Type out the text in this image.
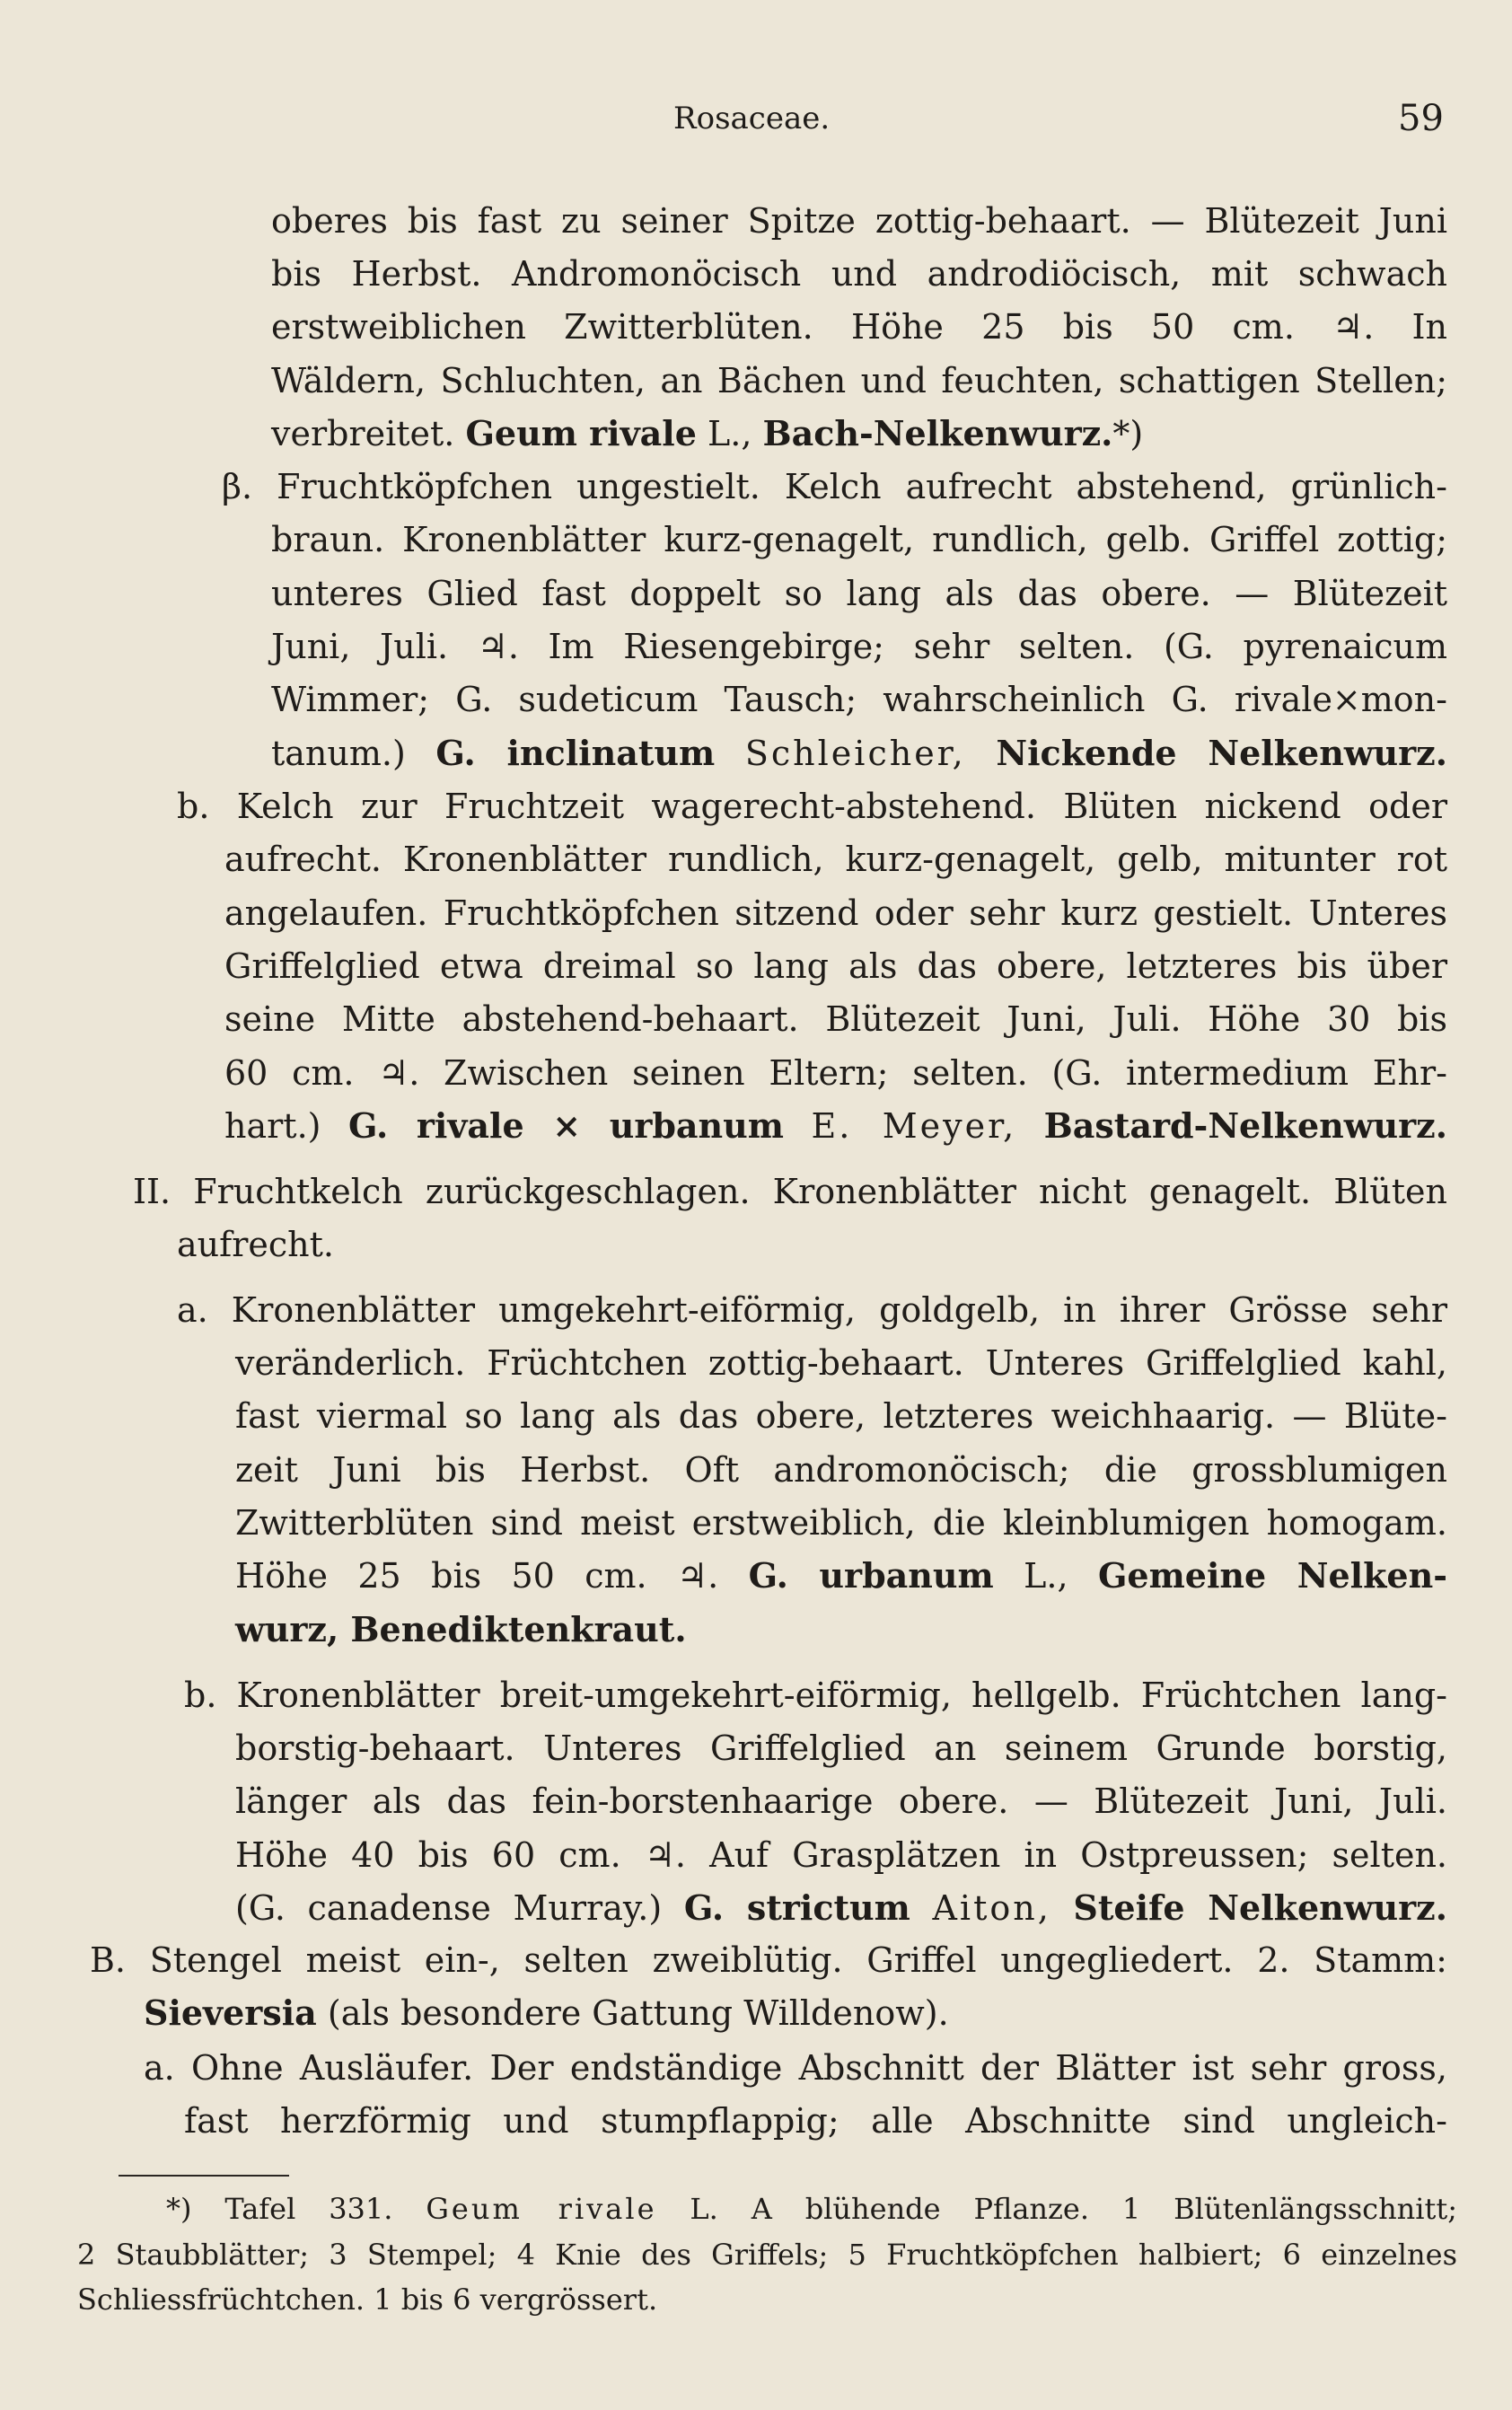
Rosaceae.	59
oberes bis fast zu seiner Spitze zottig-behaart. — Blütezeit Juni
bis Herbst. Andromonöcisch und androdiöcisch, mit schwach
erstweiblichen Zwitterblüten. Höhe 25 bis 50 cm. ♃. In
Wäldern, Schluchten, an Bächen und feuchten, schattigen Stellen;
verbreitet. Geum rivale L., Bach-Nelkenwurz.*)
β. Fruchtköpfchen ungestielt. Kelch aufrecht abstehend, grünlich-
braun. Kronenblätter kurz-genagelt, rundlich, gelb. Griffel zottig;
unteres Glied fast doppelt so lang als das obere. — Blütezeit
Juni, Juli. ♃. Im Riesengebirge; sehr selten. (G. pyrenaicum
Wimmer; G. sudeticum Tausch; wahrscheinlich G. rivale×mon-
tanum.) G. inclinatum Schleicher, Nickende Nelkenwurz.
b. Kelch zur Fruchtzeit wagerecht-abstehend. Blüten nickend oder
aufrecht. Kronenblätter rundlich, kurz-genagelt, gelb, mitunter rot
angelaufen. Fruchtköpfchen sitzend oder sehr kurz gestielt. Unteres
Griffelglied etwa dreimal so lang als das obere, letzteres bis über
seine Mitte abstehend-behaart. Blütezeit Juni, Juli. Höhe 30 bis
60 cm. ♃. Zwischen seinen Eltern; selten. (G. intermedium Ehr-
hart.) G. rivale × urbanum E. Meyer, Bastard-Nelkenwurz.
II. Fruchtkelch zurückgeschlagen. Kronenblätter nicht genagelt. Blüten
aufrecht.
a. Kronenblätter umgekehrt-eiförmig, goldgelb, in ihrer Grösse sehr
veränderlich. Früchtchen zottig-behaart. Unteres Griffelglied kahl,
fast viermal so lang als das obere, letzteres weichhaarig. — Blüte-
zeit Juni bis Herbst. Oft andromonöcisch; die grossblumigen
Zwitterblüten sind meist erstweiblich, die kleinblumigen homogam.
Höhe 25 bis 50 cm. ♃. G. urbanum L., Gemeine Nelken-
wurz, Benediktenkraut.
b. Kronenblätter breit-umgekehrt-eiförmig, hellgelb. Früchtchen lang-
borstig-behaart. Unteres Griffelglied an seinem Grunde borstig,
länger als das fein-borstenhaarige obere. — Blütezeit Juni, Juli.
Höhe 40 bis 60 cm. ♃. Auf Grasplätzen in Ostpreussen; selten.
(G. canadense Murray.) G. strictum Aiton, Steife Nelkenwurz.
B. Stengel meist ein-, selten zweiblütig. Griffel ungegliedert. 2. Stamm:
Sieversia (als besondere Gattung Willdenow).
a. Ohne Ausläufer. Der endständige Abschnitt der Blätter ist sehr gross,
fast herzförmig und stumpflappig; alle Abschnitte sind ungleich-
*) Tafel 331. Geum rivale L. A blühende Pflanze. 1 Blütenlängsschnitt;
2 Staubblätter; 3 Stempel; 4 Knie des Griffels; 5 Fruchtköpfchen halbiert; 6 einzelnes
Schliessfrüchtchen. 1 bis 6 vergrössert.
